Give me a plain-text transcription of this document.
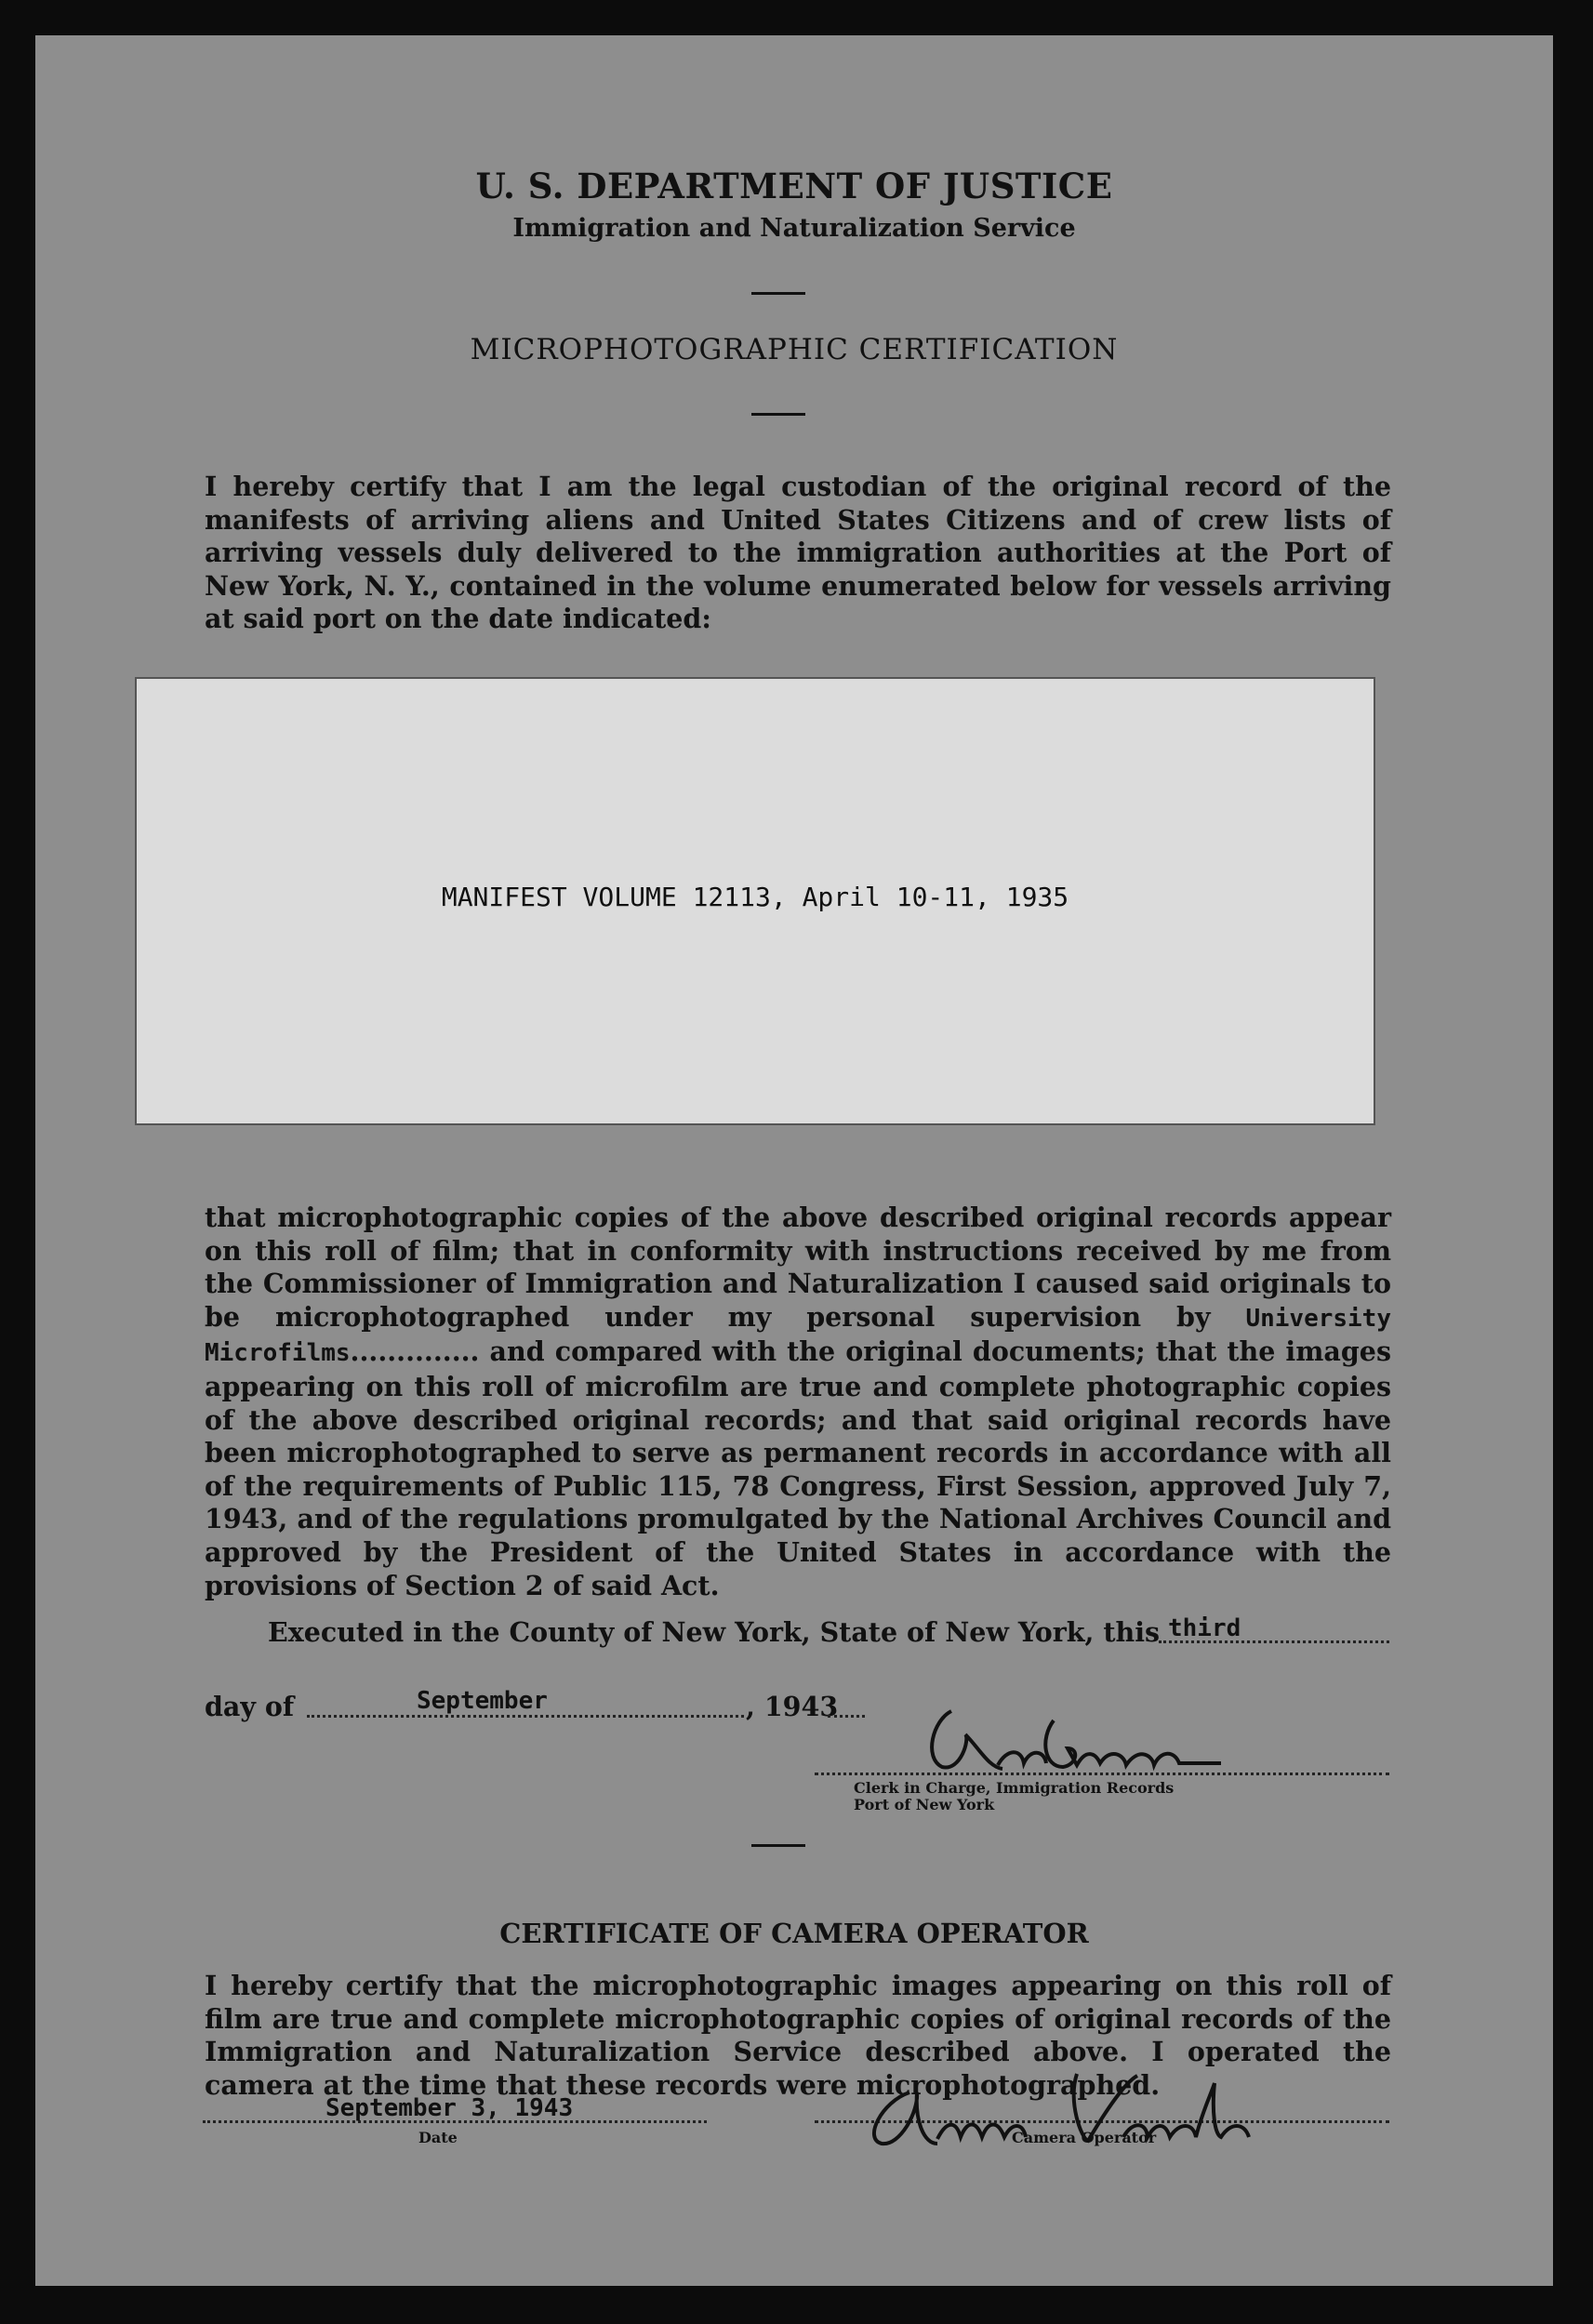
U. S. DEPARTMENT OF JUSTICE
Immigration and Naturalization Service
MICROPHOTOGRAPHIC CERTIFICATION
I hereby certify that I am the legal custodian of the original record of the manifests of arriving aliens and United States Citizens and of crew lists of arriving vessels duly delivered to the immigration authorities at the Port of New York, N. Y., contained in the volume enumerated below for vessels arriving at said port on the date indicated:
MANIFEST VOLUME 12113, April 10-11, 1935
that microphotographic copies of the above described original records appear on this roll of film; that in conformity with instructions received by me from the Commissioner of Immigration and Naturalization I caused said originals to be microphotographed under my personal supervision by University Microfilms.............. and compared with the original documents; that the images appearing on this roll of microfilm are true and complete photographic copies of the above described original records; and that said original records have been microphotographed to serve as permanent records in accordance with all of the requirements of Public 115, 78 Congress, First Session, approved July 7, 1943, and of the regulations promulgated by the National Archives Council and approved by the President of the United States in accordance with the provisions of Section 2 of said Act.
Executed in the County of New York, State of New York, this third
day of	September	, 1943
Clerk in Charge, Immigration Records
Port of New York
CERTIFICATE OF CAMERA OPERATOR
I hereby certify that the microphotographic images appearing on this roll of film are true and complete microphotographic copies of original records of the Immigration and Naturalization Service described above. I operated the camera at the time that these records were microphotographed.
September 3, 1943
Date	Camera Operator
